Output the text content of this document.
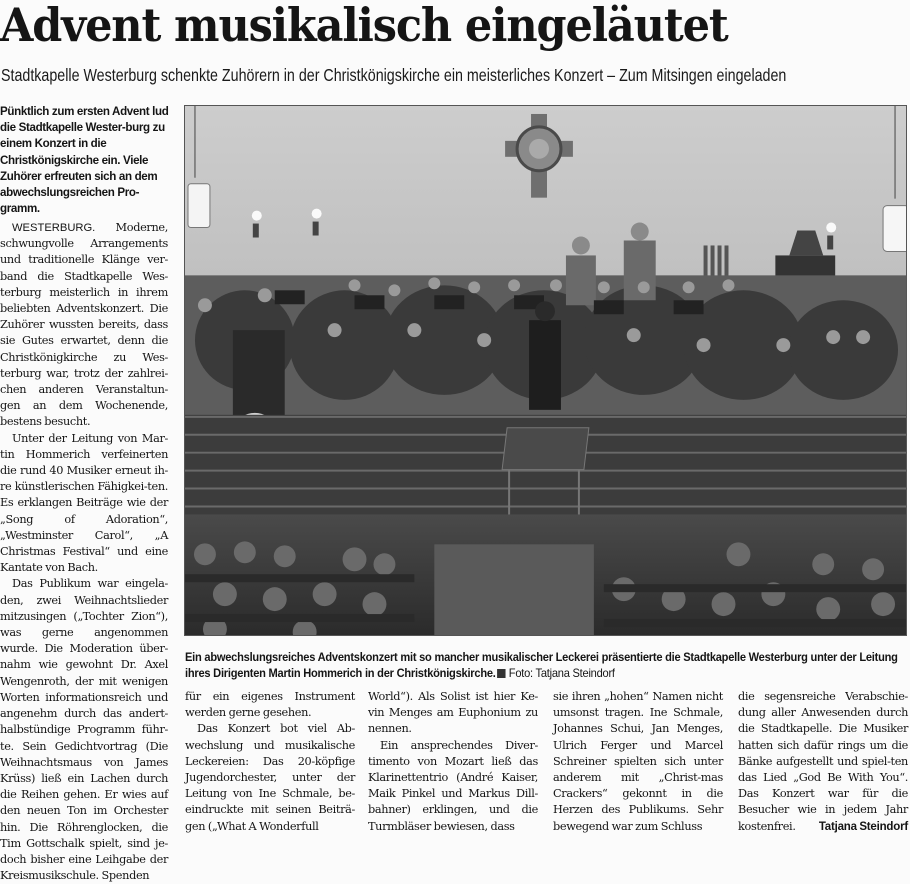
Advent musikalisch eingeläutet
Stadtkapelle Westerburg schenkte Zuhörern in der Christkönigskirche ein meisterliches Konzert – Zum Mitsingen eingeladen

Pünktlich zum ersten Advent lud die Stadtkapelle Wester-burg zu einem Konzert in die Christkönigskirche ein. Viele Zuhörer erfreuten sich an dem abwechslungsreichen Pro-gramm.

WESTERBURG. Moderne, schwungvolle Arrangements und traditionelle Klänge ver-band die Stadtkapelle Wes-terburg meisterlich in ihrem beliebten Adventskonzert. Die Zuhörer wussten bereits, dass sie Gutes erwartet, denn die Christkönigkirche zu Wes-terburg war, trotz der zahlrei-chen anderen Veranstaltun-gen an dem Wochenende, bestens besucht.

Unter der Leitung von Mar-tin Hommerich verfeinerten die rund 40 Musiker erneut ih-re künstlerischen Fähigkei-ten. Es erklangen Beiträge wie der „Song of Adoration“, „Westminster Carol“, „A Christmas Festival“ und eine Kantate von Bach.

Das Publikum war eingela-den, zwei Weihnachtslieder mitzusingen („Tochter Zion“), was gerne angenommen wurde. Die Moderation über-nahm wie gewohnt Dr. Axel Wengenroth, der mit wenigen Worten informationsreich und angenehm durch das andert-halbstündige Programm führ-te. Sein Gedichtvortrag (Die Weihnachtsmaus von James Krüss) ließ ein Lachen durch die Reihen gehen. Er wies auf den neuen Ton im Orchester hin. Die Röhrenglocken, die Tim Gottschalk spielt, sind je-doch bisher eine Leihgabe der Kreismusikschule. Spenden

Ein abwechslungsreiches Adventskonzert mit so mancher musikalischer Leckerei präsentierte die Stadtkapelle Westerburg unter der Leitung ihres Dirigenten Martin Hommerich in der Christkönigskirche. Foto: Tatjana Steindorf

für ein eigenes Instrument werden gerne gesehen.

Das Konzert bot viel Ab-wechslung und musikalische Leckereien: Das 20-köpfige Jugendorchester, unter der Leitung von Ine Schmale, be-eindruckte mit seinen Beiträ-gen („What A Wonderfull

World“). Als Solist ist hier Ke-vin Menges am Euphonium zu nennen.

Ein ansprechendes Diver-timento von Mozart ließ das Klarinettentrio (André Kaiser, Maik Pinkel und Markus Dill-bahner) erklingen, und die Turmbläser bewiesen, dass

sie ihren „hohen“ Namen nicht umsonst tragen. Ine Schmale, Johannes Schui, Jan Menges, Ulrich Ferger und Marcel Schreiner spielten sich unter anderem mit „Christ-mas Crackers“ gekonnt in die Herzen des Publikums. Sehr bewegend war zum Schluss

die segensreiche Verabschie-dung aller Anwesenden durch die Stadtkapelle. Die Musiker hatten sich dafür rings um die Bänke aufgestellt und spiel-ten das Lied „God Be With You“. Das Konzert war für die Besucher wie in jedem Jahr kostenfrei. Tatjana Steindorf
